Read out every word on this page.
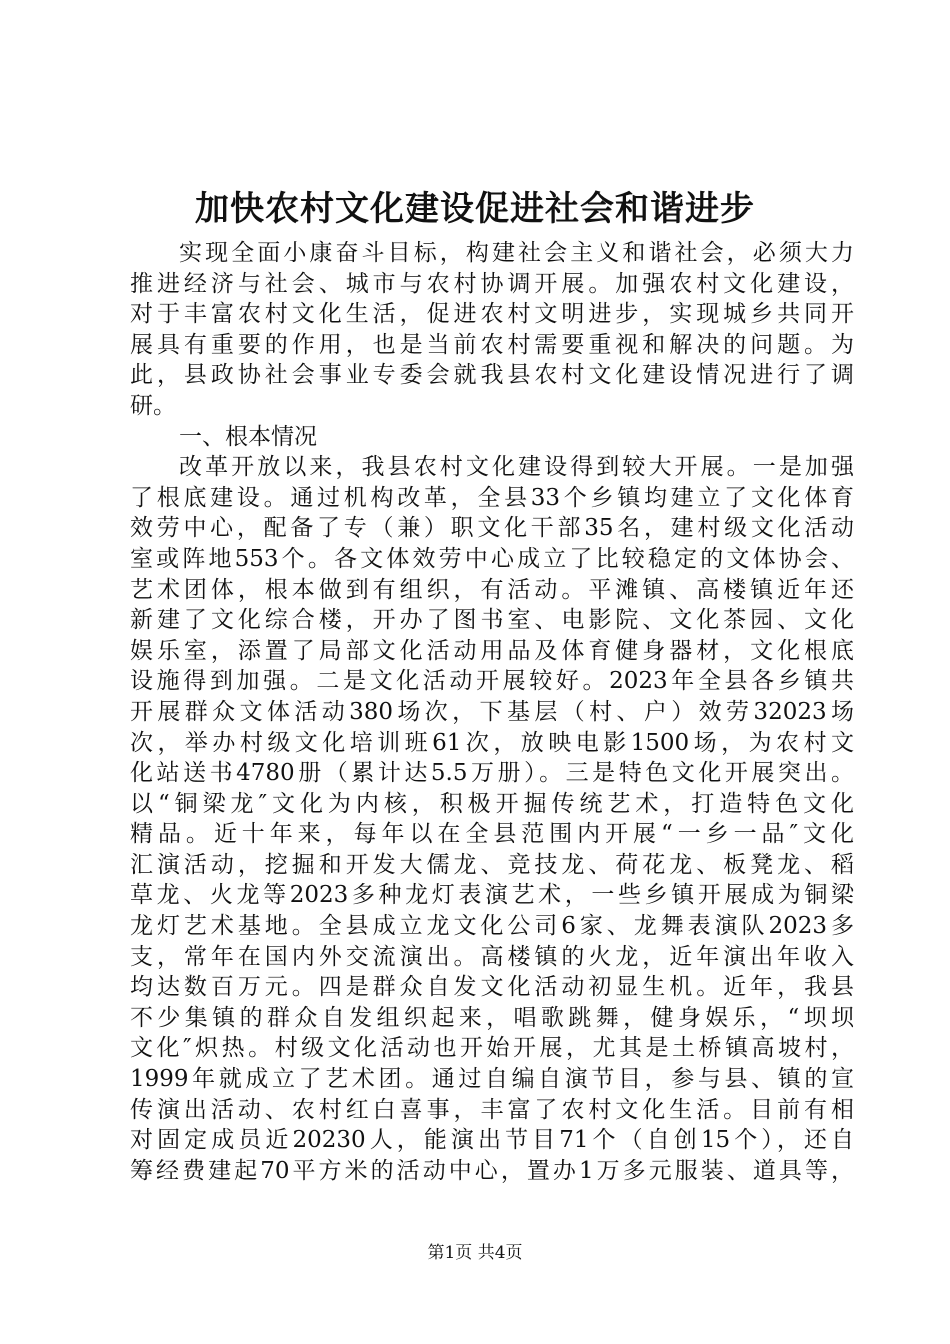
加快农村文化建设促进社会和谐进步
实现全面小康奋斗目标，构建社会主义和谐社会，必须大力
推进经济与社会、城市与农村协调开展。加强农村文化建设，
对于丰富农村文化生活，促进农村文明进步，实现城乡共同开
展具有重要的作用，也是当前农村需要重视和解决的问题。为
此，县政协社会事业专委会就我县农村文化建设情况进行了调
研。
一、根本情况
改革开放以来，我县农村文化建设得到较大开展。一是加强
了根底建设。通过机构改革，全县33个乡镇均建立了文化体育
效劳中心，配备了专（兼）职文化干部35名，建村级文化活动
室或阵地553个。各文体效劳中心成立了比较稳定的文体协会、
艺术团体，根本做到有组织，有活动。平滩镇、高楼镇近年还
新建了文化综合楼，开办了图书室、电影院、文化茶园、文化
娱乐室，添置了局部文化活动用品及体育健身器材，文化根底
设施得到加强。二是文化活动开展较好。2023年全县各乡镇共
开展群众文体活动380场次，下基层（村、户）效劳32023场
次，举办村级文化培训班61次，放映电影1500场，为农村文
化站送书4780册（累计达5.5万册）。三是特色文化开展突出。
以“铜梁龙″文化为内核，积极开掘传统艺术，打造特色文化
精品。近十年来，每年以在全县范围内开展“一乡一品″文化
汇演活动，挖掘和开发大儒龙、竞技龙、荷花龙、板凳龙、稻
草龙、火龙等2023多种龙灯表演艺术，一些乡镇开展成为铜梁
龙灯艺术基地。全县成立龙文化公司6家、龙舞表演队2023多
支，常年在国内外交流演出。高楼镇的火龙，近年演出年收入
均达数百万元。四是群众自发文化活动初显生机。近年，我县
不少集镇的群众自发组织起来，唱歌跳舞，健身娱乐，“坝坝
文化″炽热。村级文化活动也开始开展，尤其是土桥镇高坡村，
1999年就成立了艺术团。通过自编自演节目，参与县、镇的宣
传演出活动、农村红白喜事，丰富了农村文化生活。目前有相
对固定成员近20230人，能演出节目71个（自创15个），还自
筹经费建起70平方米的活动中心，置办1万多元服装、道具等，
第1页 共4页
